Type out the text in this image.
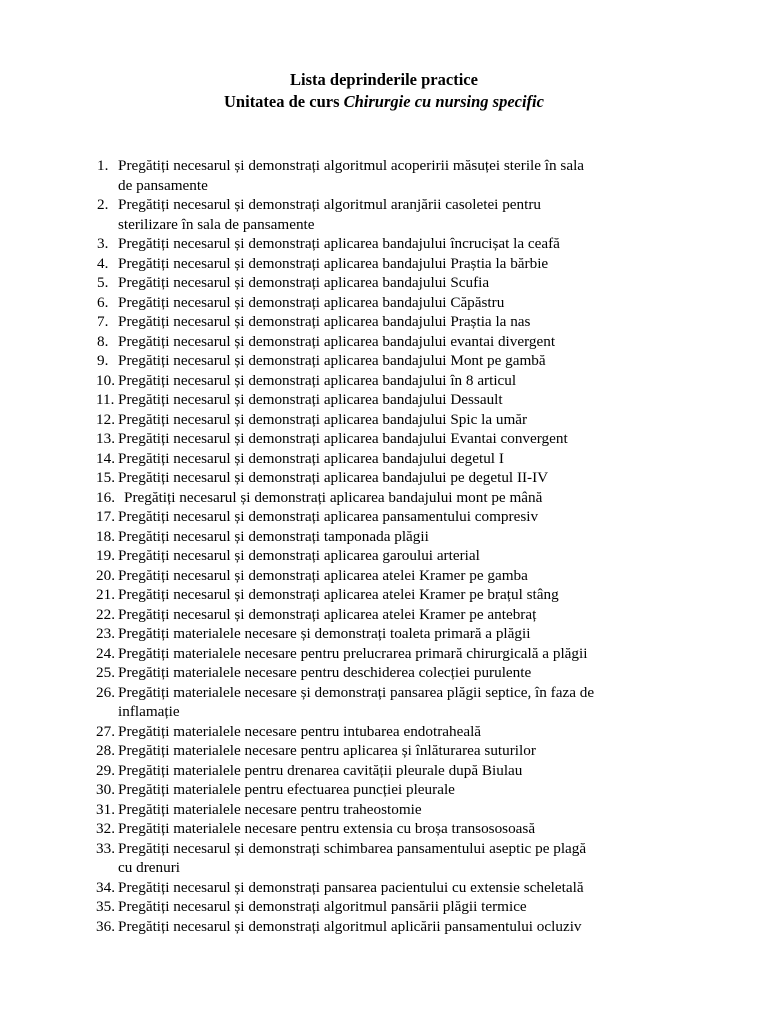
Lista deprinderile practice
Unitatea de curs Chirurgie cu nursing specific
1. Pregătiți necesarul și demonstrați algoritmul acoperirii măsuței sterile în sala
de pansamente
2. Pregătiți necesarul și demonstrați algoritmul aranjării casoletei pentru
sterilizare în sala de pansamente
3. Pregătiți necesarul și demonstrați aplicarea bandajului încrucișat la ceafă
4. Pregătiți necesarul și demonstrați aplicarea bandajului Praștia la bărbie
5. Pregătiți necesarul și demonstrați aplicarea bandajului Scufia
6. Pregătiți necesarul și demonstrați aplicarea bandajului Căpăstru
7. Pregătiți necesarul și demonstrați aplicarea bandajului Praștia la nas
8. Pregătiți necesarul și demonstrați aplicarea bandajului evantai divergent
9. Pregătiți necesarul și demonstrați aplicarea bandajului Mont pe gambă
10. Pregătiți necesarul și demonstrați aplicarea bandajului în 8 articul
11. Pregătiți necesarul și demonstrați aplicarea bandajului Dessault
12. Pregătiți necesarul și demonstrați aplicarea bandajului Spic la umăr
13. Pregătiți necesarul și demonstrați aplicarea bandajului Evantai convergent
14. Pregătiți necesarul și demonstrați aplicarea bandajului degetul I
15. Pregătiți necesarul și demonstrați aplicarea bandajului pe degetul II-IV
16. Pregătiți necesarul și demonstrați aplicarea bandajului mont pe mână
17. Pregătiți necesarul și demonstrați aplicarea pansamentului compresiv
18. Pregătiți necesarul și demonstrați tamponada plăgii
19. Pregătiți necesarul și demonstrați aplicarea garoului arterial
20. Pregătiți necesarul și demonstrați aplicarea atelei Kramer pe gamba
21. Pregătiți necesarul și demonstrați aplicarea atelei Kramer pe brațul stâng
22. Pregătiți necesarul și demonstrați aplicarea atelei Kramer pe antebraț
23. Pregătiți materialele necesare și demonstrați toaleta primară a plăgii
24. Pregătiți materialele necesare pentru prelucrarea primară chirurgicală a plăgii
25. Pregătiți materialele necesare pentru deschiderea colecției purulente
26. Pregătiți materialele necesare și demonstrați pansarea plăgii septice, în faza de
inflamație
27. Pregătiți materialele necesare pentru intubarea endotraheală
28. Pregătiți materialele necesare pentru aplicarea și înlăturarea suturilor
29. Pregătiți materialele pentru drenarea cavității pleurale după Biulau
30. Pregătiți materialele pentru efectuarea puncției pleurale
31. Pregătiți materialele necesare pentru traheostomie
32. Pregătiți materialele necesare pentru extensia cu broșa transososoasă
33. Pregătiți necesarul și demonstrați schimbarea pansamentului aseptic pe plagă
cu drenuri
34. Pregătiți necesarul și demonstrați pansarea pacientului cu extensie scheletală
35. Pregătiți necesarul și demonstrați algoritmul pansării plăgii termice
36. Pregătiți necesarul și demonstrați algoritmul aplicării pansamentului ocluziv
